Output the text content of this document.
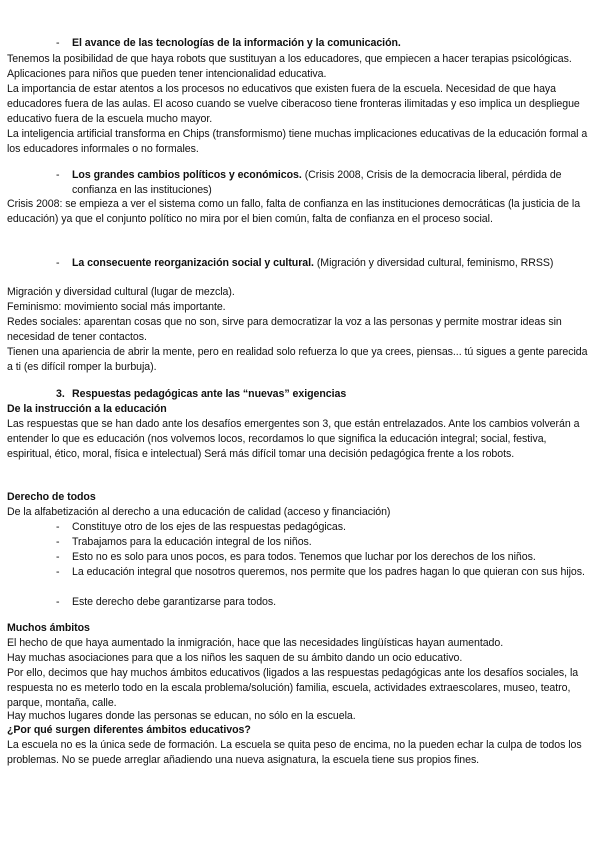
- El avance de las tecnologías de la información y la comunicación.

Tenemos la posibilidad de que haya robots que sustituyan a los educadores, que empiecen a hacer terapias psicológicas. Aplicaciones para niños que pueden tener intencionalidad educativa.

La importancia de estar atentos a los procesos no educativos que existen fuera de la escuela. Necesidad de que haya educadores fuera de las aulas. El acoso cuando se vuelve ciberacoso tiene fronteras ilimitadas y eso implica un despliegue educativo fuera de la escuela mucho mayor.

La inteligencia artificial transforma en Chips (transformismo) tiene muchas implicaciones educativas de la educación formal a los educadores informales o no formales.

- Los grandes cambios políticos y económicos. (Crisis 2008, Crisis de la democracia liberal, pérdida de confianza en las instituciones)

Crisis 2008: se empieza a ver el sistema como un fallo, falta de confianza en las instituciones democráticas (la justicia de la educación) ya que el conjunto político no mira por el bien común, falta de confianza en el proceso social.

- La consecuente reorganización social y cultural. (Migración y diversidad cultural, feminismo, RRSS)

Migración y diversidad cultural (lugar de mezcla).

Feminismo: movimiento social más importante.

Redes sociales: aparentan cosas que no son, sirve para democratizar la voz a las personas y permite mostrar ideas sin necesidad de tener contactos.

Tienen una apariencia de abrir la mente, pero en realidad solo refuerza lo que ya crees, piensas... tú sigues a gente parecida a ti (es difícil romper la burbuja).

3. Respuestas pedagógicas ante las “nuevas” exigencias

De la instrucción a la educación

Las respuestas que se han dado ante los desafíos emergentes son 3, que están entrelazados. Ante los cambios volverán a entender lo que es educación (nos volvemos locos, recordamos lo que significa la educación integral; social, festiva, espiritual, ético, moral, física e intelectual) Será más difícil tomar una decisión pedagógica frente a los robots.

Derecho de todos

De la alfabetización al derecho a una educación de calidad (acceso y financiación)

- Constituye otro de los ejes de las respuestas pedagógicas.
- Trabajamos para la educación integral de los niños.
- Esto no es solo para unos pocos, es para todos. Tenemos que luchar por los derechos de los niños.
- La educación integral que nosotros queremos, nos permite que los padres hagan lo que quieran con sus hijos.
- Este derecho debe garantizarse para todos.

Muchos ámbitos

El hecho de que haya aumentado la inmigración, hace que las necesidades lingüísticas hayan aumentado.

Hay muchas asociaciones para que a los niños les saquen de su ámbito dando un ocio educativo.

Por ello, decimos que hay muchos ámbitos educativos (ligados a las respuestas pedagógicas ante los desafíos sociales, la respuesta no es meterlo todo en la escala problema/solución) familia, escuela, actividades extraescolares, museo, teatro, parque, montaña, calle.

Hay muchos lugares donde las personas se educan, no sólo en la escuela.

¿Por qué surgen diferentes ámbitos educativos?

La escuela no es la única sede de formación. La escuela se quita peso de encima, no la pueden echar la culpa de todos los problemas. No se puede arreglar añadiendo una nueva asignatura, la escuela tiene sus propios fines.
